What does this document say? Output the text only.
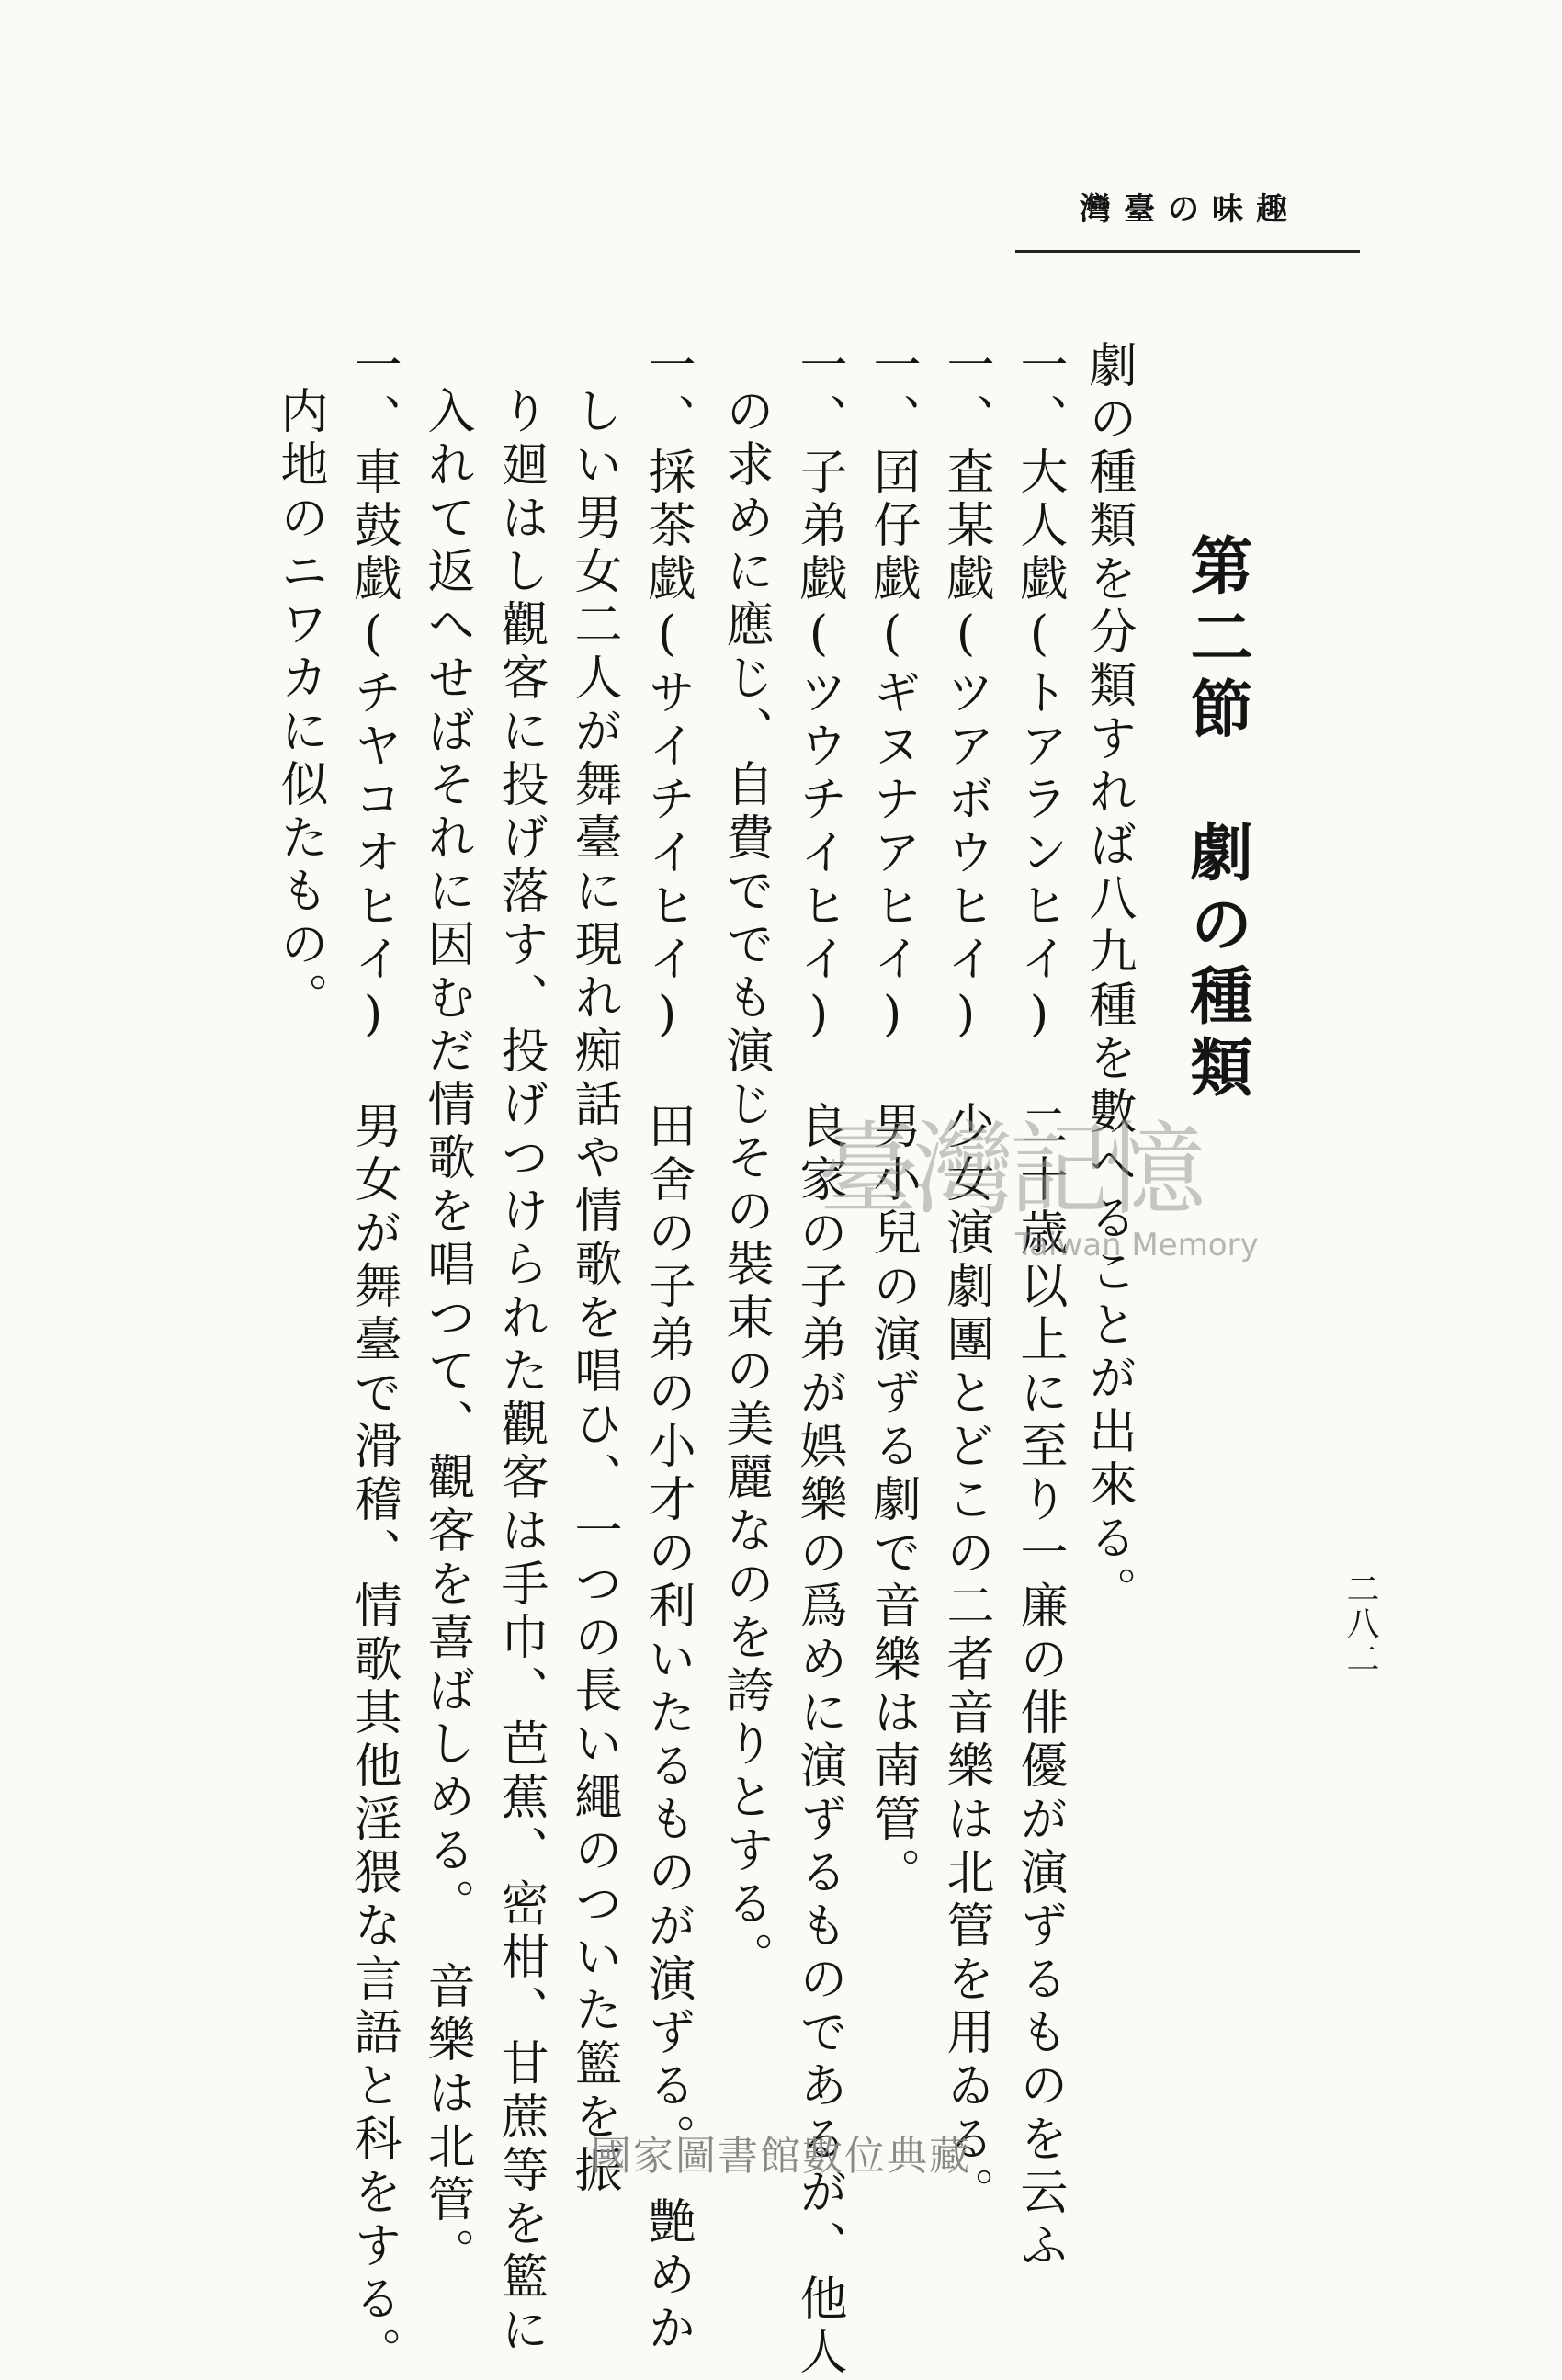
趣味の臺灣
第二節　劇の種類
劇の種類を分類すれば八九種を數へることが出來る。
一、大人戯(トアランヒイ)　二十歳以上に至り一廉の俳優が演ずるものを云ふ
一、査某戯(ツアボウヒイ)　少女演劇團とどこの二者音樂は北管を用ゐる。
一、囝仔戯(ギヌナアヒイ)　男小兒の演ずる劇で音樂は南管。
一、子弟戯(ツウチイヒイ)　良家の子弟が娯樂の爲めに演ずるものであるが、他人
の求めに應じ、自費ででも演じその裝束の美麗なのを誇りとする。
一、採茶戯(サイチイヒイ)　田舍の子弟の小才の利いたるものが演ずる。　艶めか
しい男女二人が舞臺に現れ痴話や情歌を唱ひ、一つの長い繩のついた籃を振
り廻はし觀客に投げ落す、投げつけられた觀客は手巾、芭蕉、密柑、甘蔗等を籃に
入れて返へせばそれに因むだ情歌を唱つて、觀客を喜ばしめる。　音樂は北管。
一、車鼓戯(チヤコオヒイ)　男女が舞臺で滑稽、情歌其他淫猥な言語と科をする。
内地のニワカに似たもの。
二八二
臺灣記憶
Taiwan Memory
國家圖書館數位典藏
